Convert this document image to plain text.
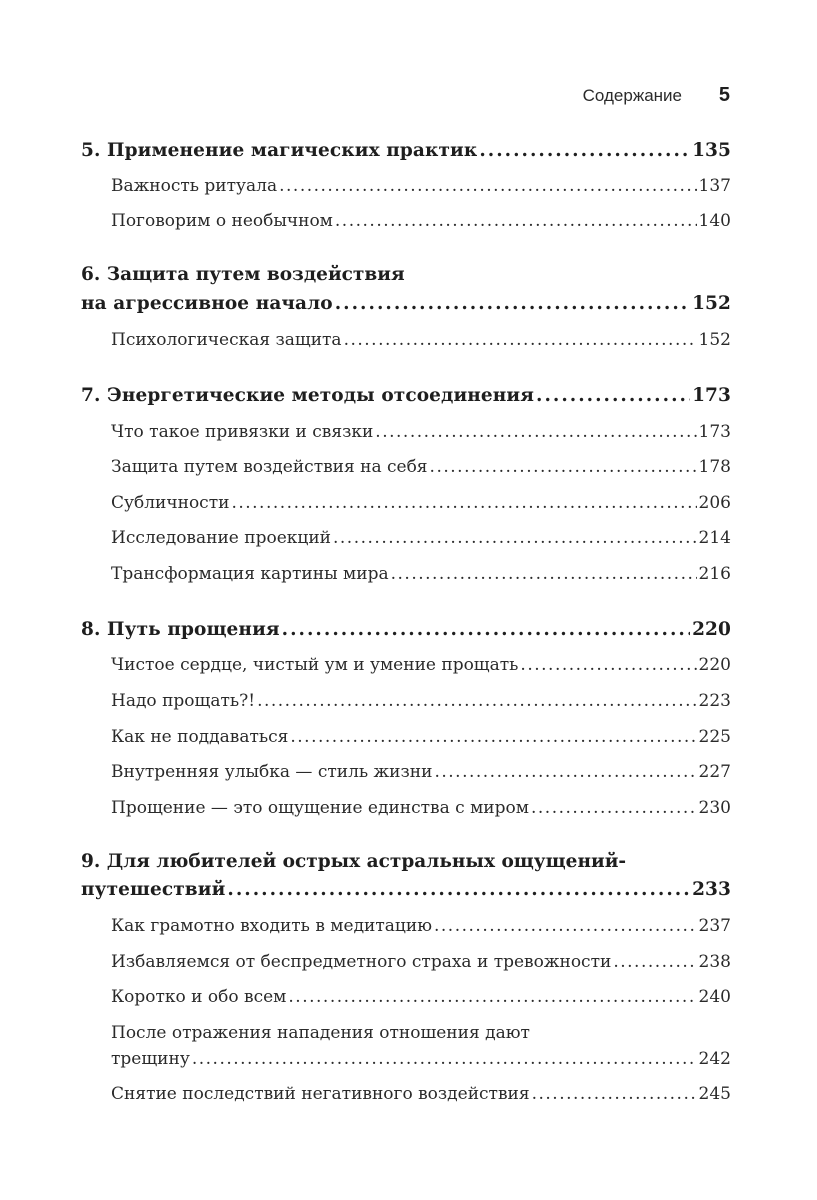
Содержание 5
5. Применение магических практик .....	135
Важность ритуала .....	137
Поговорим о необычном .....	140
6. Защита путем воздействия
на агрессивное начало .....	152
Психологическая защита .....	152
7. Энергетические методы отсоединения .....	173
Что такое привязки и связки .....	173
Защита путем воздействия на себя .....	178
Субличности .....	206
Исследование проекций .....	214
Трансформация картины мира .....	216
8. Путь прощения .....	220
Чистое сердце, чистый ум и умение прощать .....	220
Надо прощать?! .....	223
Как не поддаваться .....	225
Внутренняя улыбка — стиль жизни .....	227
Прощение — это ощущение единства с миром .....	230
9. Для любителей острых астральных ощущений-
путешествий .....	233
Как грамотно входить в медитацию .....	237
Избавляемся от беспредметного страха и тревожности .....	238
Коротко и обо всем .....	240
После отражения нападения отношения дают
трещину .....	242
Снятие последствий негативного воздействия .....	245
